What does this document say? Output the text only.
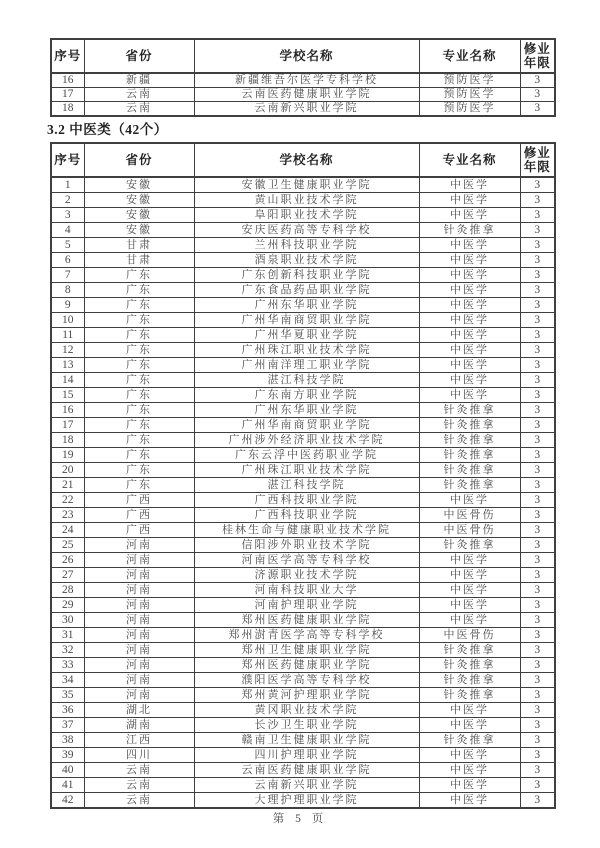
序号	省份	学校名称	专业名称	修业年限
16	新疆	新疆维吾尔医学专科学校	预防医学	3
17	云南	云南医药健康职业学院	预防医学	3
18	云南	云南新兴职业学院	预防医学	3
3.2 中医类（42个）
序号	省份	学校名称	专业名称	修业年限
1	安徽	安徽卫生健康职业学院	中医学	3
2	安徽	黄山职业技术学院	中医学	3
3	安徽	阜阳职业技术学院	中医学	3
4	安徽	安庆医药高等专科学校	针灸推拿	3
5	甘肃	兰州科技职业学院	中医学	3
6	甘肃	酒泉职业技术学院	中医学	3
7	广东	广东创新科技职业学院	中医学	3
8	广东	广东食品药品职业学院	中医学	3
9	广东	广州东华职业学院	中医学	3
10	广东	广州华南商贸职业学院	中医学	3
11	广东	广州华夏职业学院	中医学	3
12	广东	广州珠江职业技术学院	中医学	3
13	广东	广州南洋理工职业学院	中医学	3
14	广东	湛江科技学院	中医学	3
15	广东	广东南方职业学院	中医学	3
16	广东	广州东华职业学院	针灸推拿	3
17	广东	广州华南商贸职业学院	针灸推拿	3
18	广东	广州涉外经济职业技术学院	针灸推拿	3
19	广东	广东云浮中医药职业学院	针灸推拿	3
20	广东	广州珠江职业技术学院	针灸推拿	3
21	广东	湛江科技学院	针灸推拿	3
22	广西	广西科技职业学院	中医学	3
23	广西	广西科技职业学院	中医骨伤	3
24	广西	桂林生命与健康职业技术学院	中医骨伤	3
25	河南	信阳涉外职业技术学院	针灸推拿	3
26	河南	河南医学高等专科学校	中医学	3
27	河南	济源职业技术学院	中医学	3
28	河南	河南科技职业大学	中医学	3
29	河南	河南护理职业学院	中医学	3
30	河南	郑州医药健康职业学院	中医学	3
31	河南	郑州澍青医学高等专科学校	中医骨伤	3
32	河南	郑州卫生健康职业学院	针灸推拿	3
33	河南	郑州医药健康职业学院	针灸推拿	3
34	河南	濮阳医学高等专科学校	针灸推拿	3
35	河南	郑州黄河护理职业学院	针灸推拿	3
36	湖北	黄冈职业技术学院	中医学	3
37	湖南	长沙卫生职业学院	中医学	3
38	江西	赣南卫生健康职业学院	针灸推拿	3
39	四川	四川护理职业学院	中医学	3
40	云南	云南医药健康职业学院	中医学	3
41	云南	云南新兴职业学院	中医学	3
42	云南	大理护理职业学院	中医学	3
第 5 页
